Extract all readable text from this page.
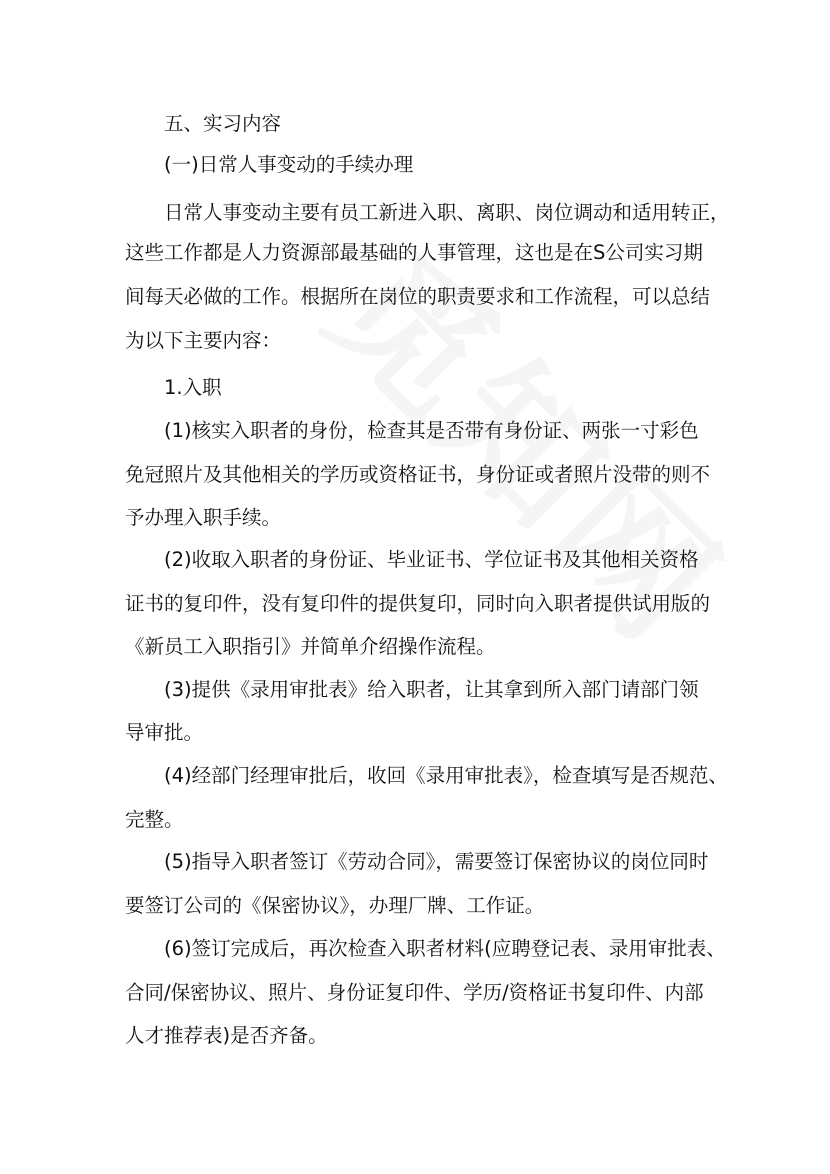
五、实习内容
(一)日常人事变动的手续办理
日常人事变动主要有员工新进入职、离职、岗位调动和适用转正，
这些工作都是人力资源部最基础的人事管理，这也是在S公司实习期
间每天必做的工作。根据所在岗位的职责要求和工作流程，可以总结
为以下主要内容：
1.入职
(1)核实入职者的身份，检查其是否带有身份证、两张一寸彩色
免冠照片及其他相关的学历或资格证书，身份证或者照片没带的则不
予办理入职手续。
(2)收取入职者的身份证、毕业证书、学位证书及其他相关资格
证书的复印件，没有复印件的提供复印，同时向入职者提供试用版的
《新员工入职指引》并简单介绍操作流程。
(3)提供《录用审批表》给入职者，让其拿到所入部门请部门领
导审批。
(4)经部门经理审批后，收回《录用审批表》，检查填写是否规范、
完整。
(5)指导入职者签订《劳动合同》，需要签订保密协议的岗位同时
要签订公司的《保密协议》，办理厂牌、工作证。
(6)签订完成后，再次检查入职者材料(应聘登记表、录用审批表、
合同/保密协议、照片、身份证复印件、学历/资格证书复印件、内部
人才推荐表)是否齐备。
